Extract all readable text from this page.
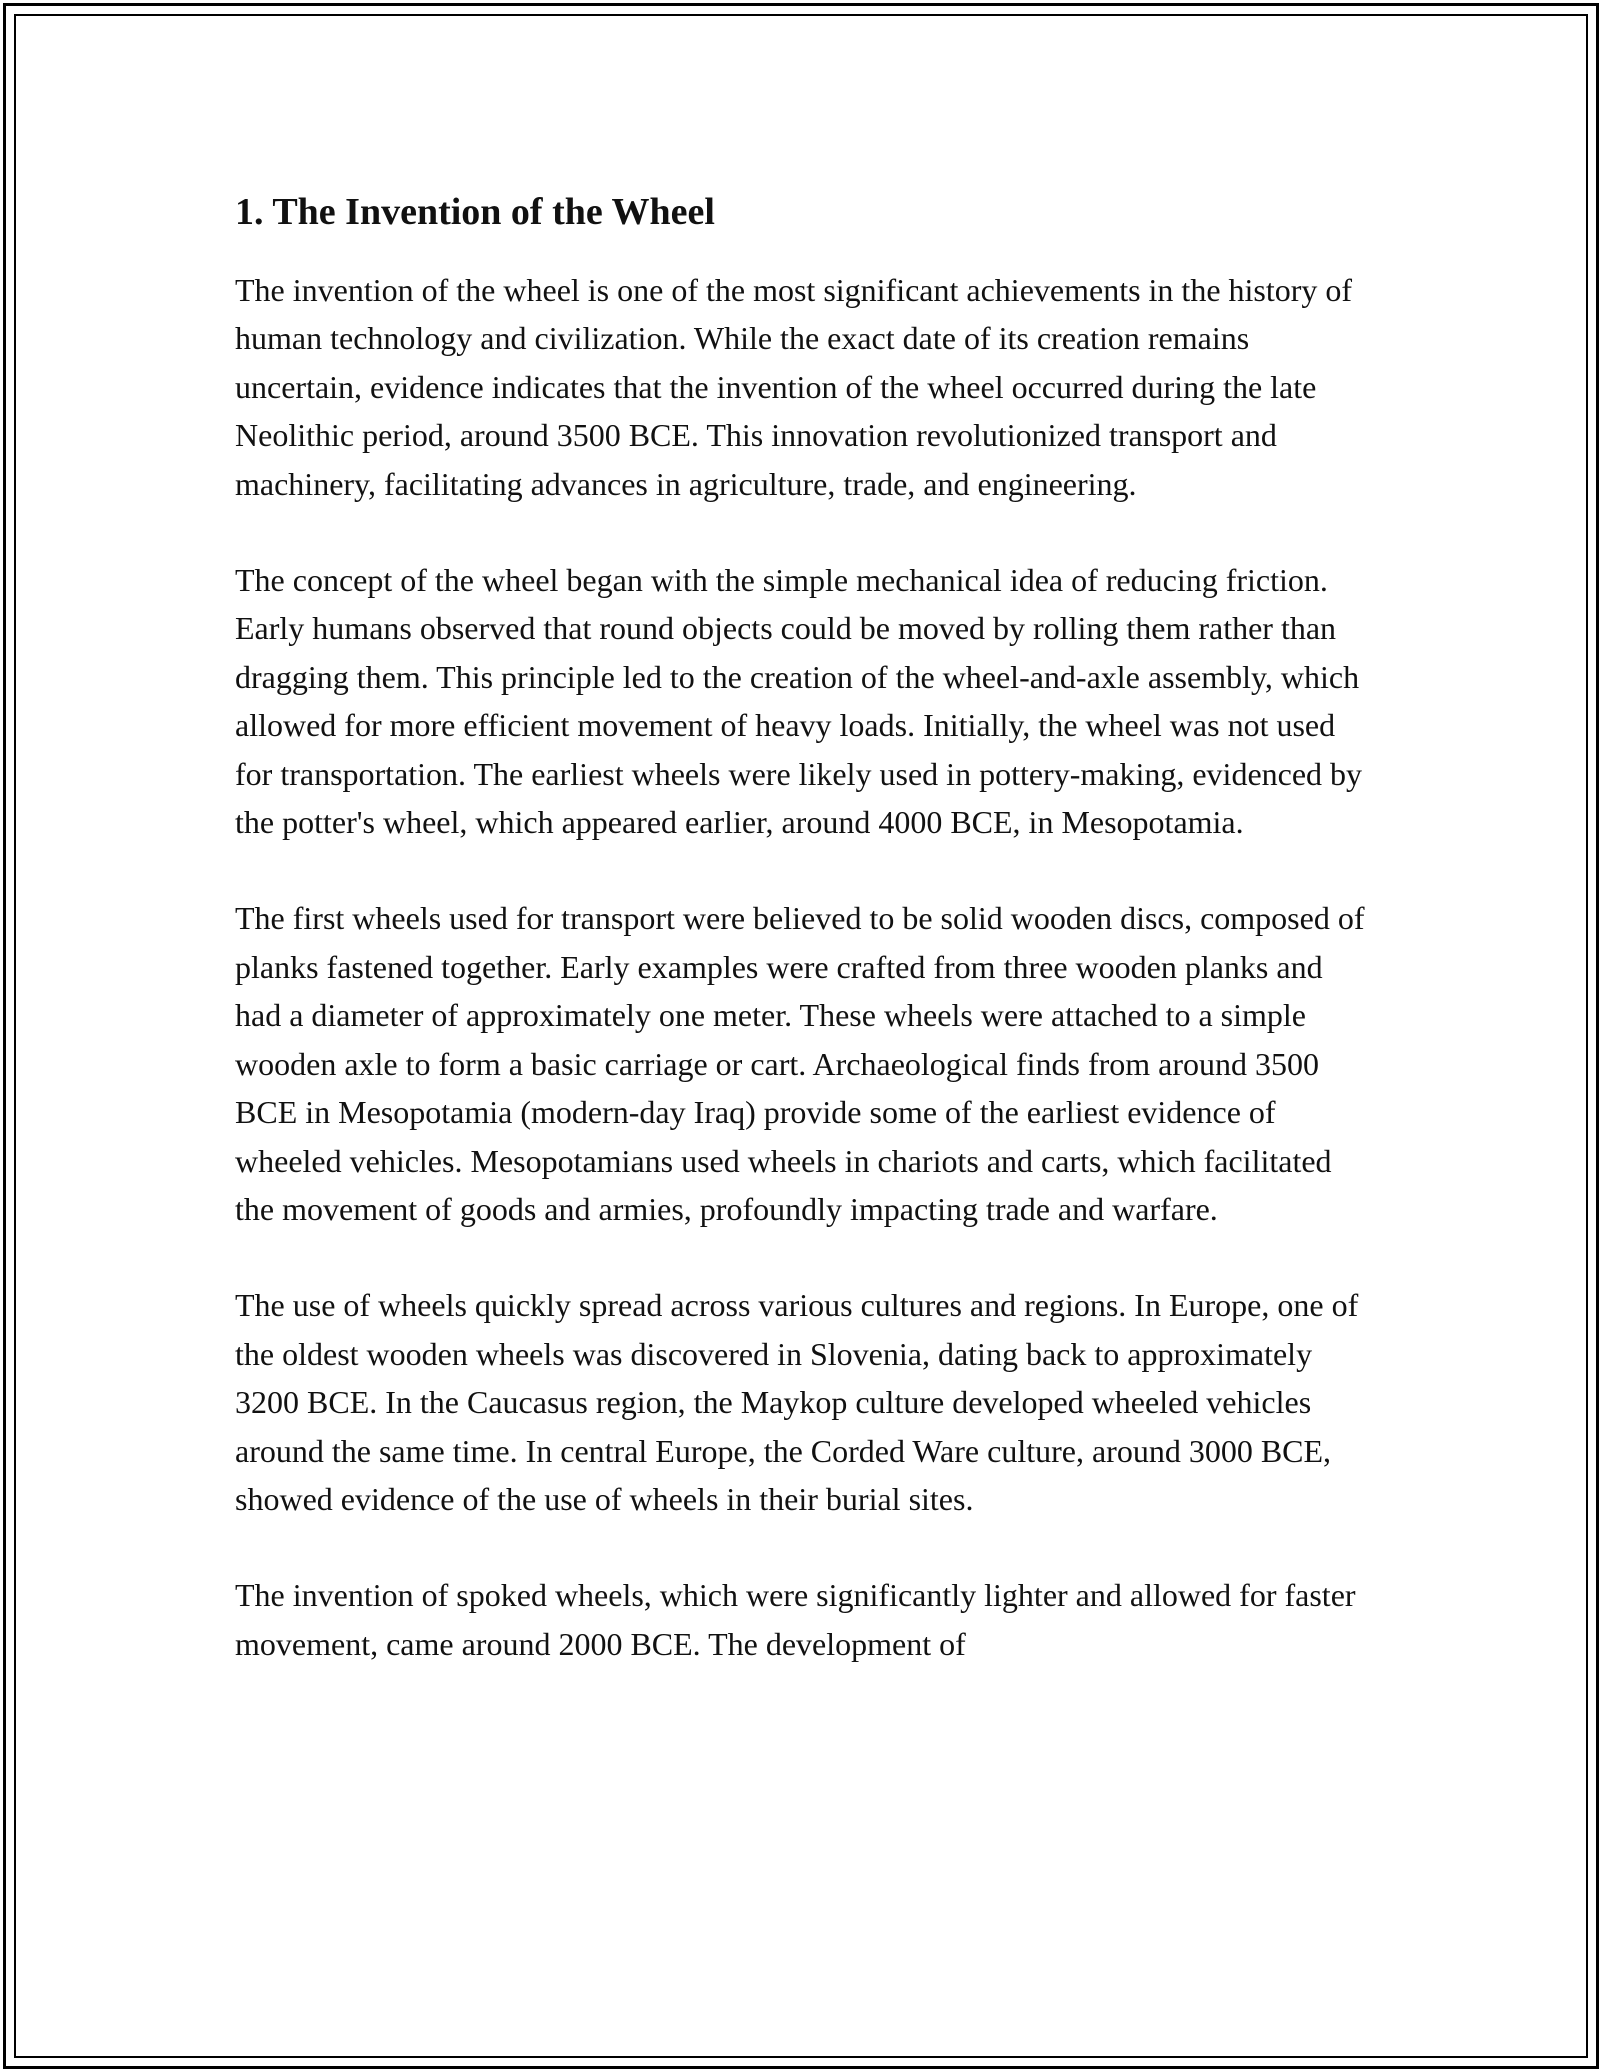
1. The Invention of the Wheel

The invention of the wheel is one of the most significant achievements in the history of human technology and civilization. While the exact date of its creation remains uncertain, evidence indicates that the invention of the wheel occurred during the late Neolithic period, around 3500 BCE. This innovation revolutionized transport and machinery, facilitating advances in agriculture, trade, and engineering.

The concept of the wheel began with the simple mechanical idea of reducing friction. Early humans observed that round objects could be moved by rolling them rather than dragging them. This principle led to the creation of the wheel-and-axle assembly, which allowed for more efficient movement of heavy loads. Initially, the wheel was not used for transportation. The earliest wheels were likely used in pottery-making, evidenced by the potter's wheel, which appeared earlier, around 4000 BCE, in Mesopotamia.

The first wheels used for transport were believed to be solid wooden discs, composed of planks fastened together. Early examples were crafted from three wooden planks and had a diameter of approximately one meter. These wheels were attached to a simple wooden axle to form a basic carriage or cart. Archaeological finds from around 3500 BCE in Mesopotamia (modern-day Iraq) provide some of the earliest evidence of wheeled vehicles. Mesopotamians used wheels in chariots and carts, which facilitated the movement of goods and armies, profoundly impacting trade and warfare.

The use of wheels quickly spread across various cultures and regions. In Europe, one of the oldest wooden wheels was discovered in Slovenia, dating back to approximately 3200 BCE. In the Caucasus region, the Maykop culture developed wheeled vehicles around the same time. In central Europe, the Corded Ware culture, around 3000 BCE, showed evidence of the use of wheels in their burial sites.

The invention of spoked wheels, which were significantly lighter and allowed for faster movement, came around 2000 BCE. The development of
